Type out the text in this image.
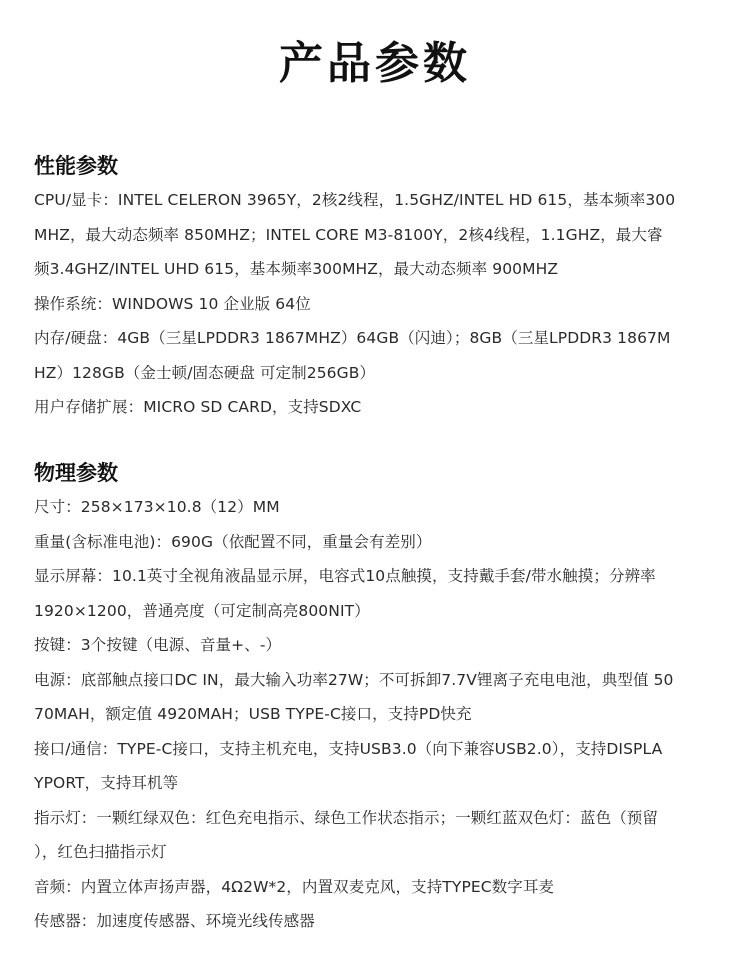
产品参数
性能参数
CPU/显卡：INTEL CELERON 3965Y，2核2线程，1.5GHZ/INTEL HD 615，基本频率300
MHZ，最大动态频率 850MHZ；INTEL CORE M3-8100Y，2核4线程，1.1GHZ，最大睿
频3.4GHZ/INTEL UHD 615，基本频率300MHZ，最大动态频率 900MHZ
操作系统：WINDOWS 10 企业版 64位
内存/硬盘：4GB（三星LPDDR3 1867MHZ）64GB（闪迪）；8GB（三星LPDDR3 1867M
HZ）128GB（金士顿/固态硬盘 可定制256GB）
用户存储扩展：MICRO SD CARD，支持SDXC
物理参数
尺寸：258×173×10.8（12）MM
重量(含标准电池)：690G（依配置不同，重量会有差别）
显示屏幕：10.1英寸全视角液晶显示屏，电容式10点触摸，支持戴手套/带水触摸；分辨率
1920×1200，普通亮度（可定制高亮800NIT）
按键：3个按键（电源、音量+、-）
电源：底部触点接口DC IN，最大输入功率27W；不可拆卸7.7V锂离子充电电池，典型值 50
70MAH，额定值 4920MAH；USB TYPE-C接口，支持PD快充
接口/通信：TYPE-C接口，支持主机充电，支持USB3.0（向下兼容USB2.0），支持DISPLA
YPORT，支持耳机等
指示灯：一颗红绿双色：红色充电指示、绿色工作状态指示；一颗红蓝双色灯：蓝色（预留
），红色扫描指示灯
音频：内置立体声扬声器，4Ω2W*2，内置双麦克风，支持TYPEC数字耳麦
传感器：加速度传感器、环境光线传感器
